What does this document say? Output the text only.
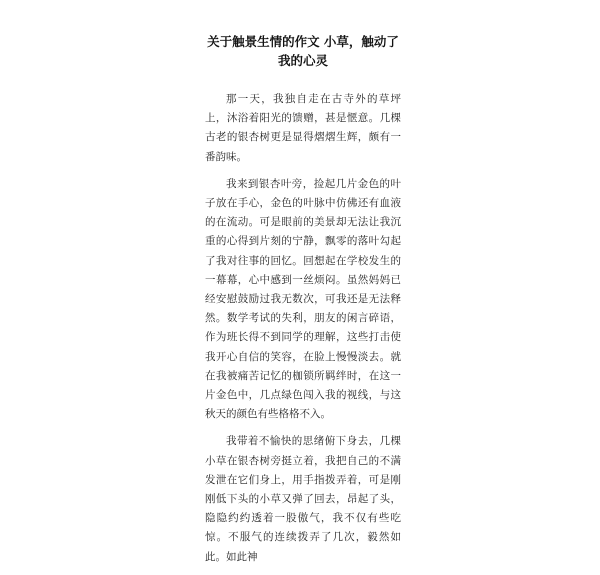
关于触景生情的作文 小草，触动了我的心灵

那一天，我独自走在古寺外的草坪上，沐浴着阳光的馈赠，甚是惬意。几棵古老的银杏树更是显得熠熠生辉，颇有一番韵味。

我来到银杏叶旁，捡起几片金色的叶子放在手心，金色的叶脉中仿佛还有血液的在流动。可是眼前的美景却无法让我沉重的心得到片刻的宁静，飘零的落叶勾起了我对往事的回忆。回想起在学校发生的一幕幕，心中感到一丝烦闷。虽然妈妈已经安慰鼓励过我无数次，可我还是无法释然。数学考试的失利，朋友的闲言碎语，作为班长得不到同学的理解，这些打击使我开心自信的笑容，在脸上慢慢淡去。就在我被痛苦记忆的枷锁所羁绊时，在这一片金色中，几点绿色闯入我的视线，与这秋天的颜色有些格格不入。

我带着不愉快的思绪俯下身去，几棵小草在银杏树旁挺立着，我把自己的不满发泄在它们身上，用手指拨弄着，可是刚刚低下头的小草又弹了回去，昂起了头，隐隐约约透着一股傲气，我不仅有些吃惊。不服气的连续拨弄了几次，毅然如此。如此神
